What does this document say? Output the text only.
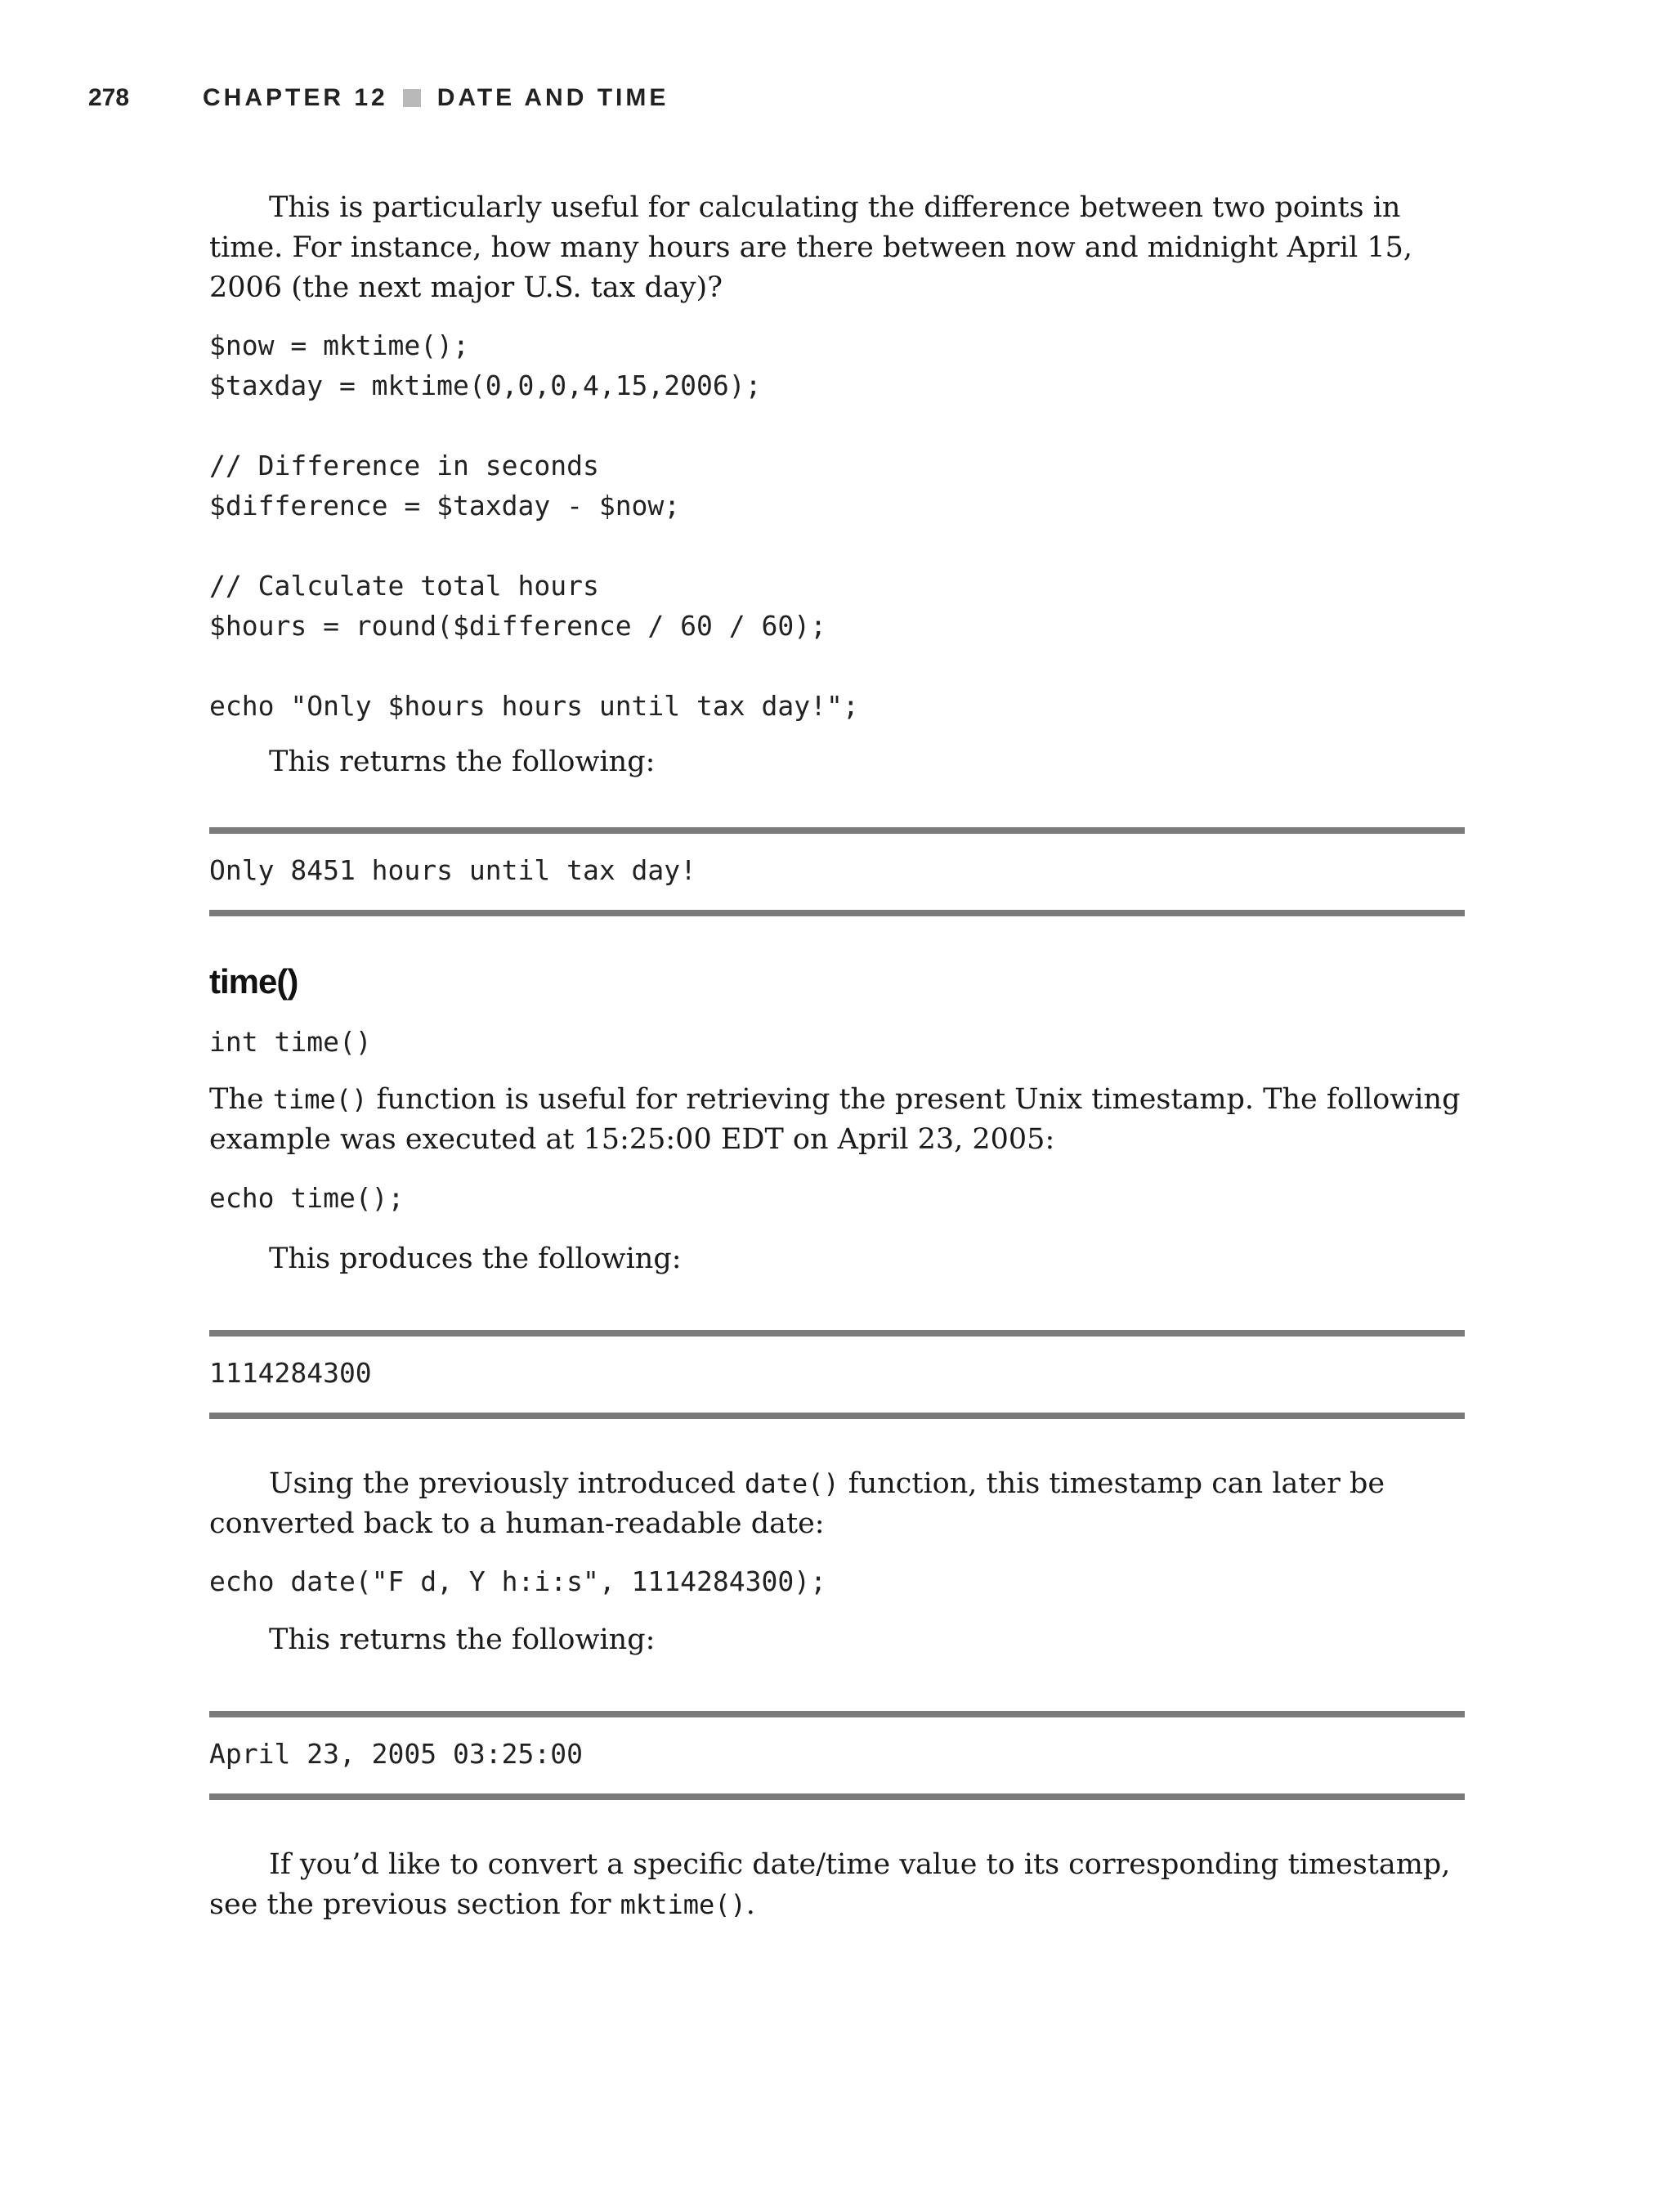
278	CHAPTER 12 DATE AND TIME

This is particularly useful for calculating the difference between two points in time. For instance, how many hours are there between now and midnight April 15, 2006 (the next major U.S. tax day)?

$now = mktime();
$taxday = mktime(0,0,0,4,15,2006);
// Difference in seconds
$difference = $taxday - $now;
// Calculate total hours
$hours = round($difference / 60 / 60);
echo "Only $hours hours until tax day!";

This returns the following:

Only 8451 hours until tax day!
time()
int time()

The time() function is useful for retrieving the present Unix timestamp. The following example was executed at 15:25:00 EDT on April 23, 2005:

echo time();

This produces the following:

1114284300

Using the previously introduced date() function, this timestamp can later be converted back to a human-readable date:

echo date("F d, Y h:i:s", 1114284300);

This returns the following:

April 23, 2005 03:25:00

If you’d like to convert a specific date/time value to its corresponding timestamp, see the previous section for mktime().
